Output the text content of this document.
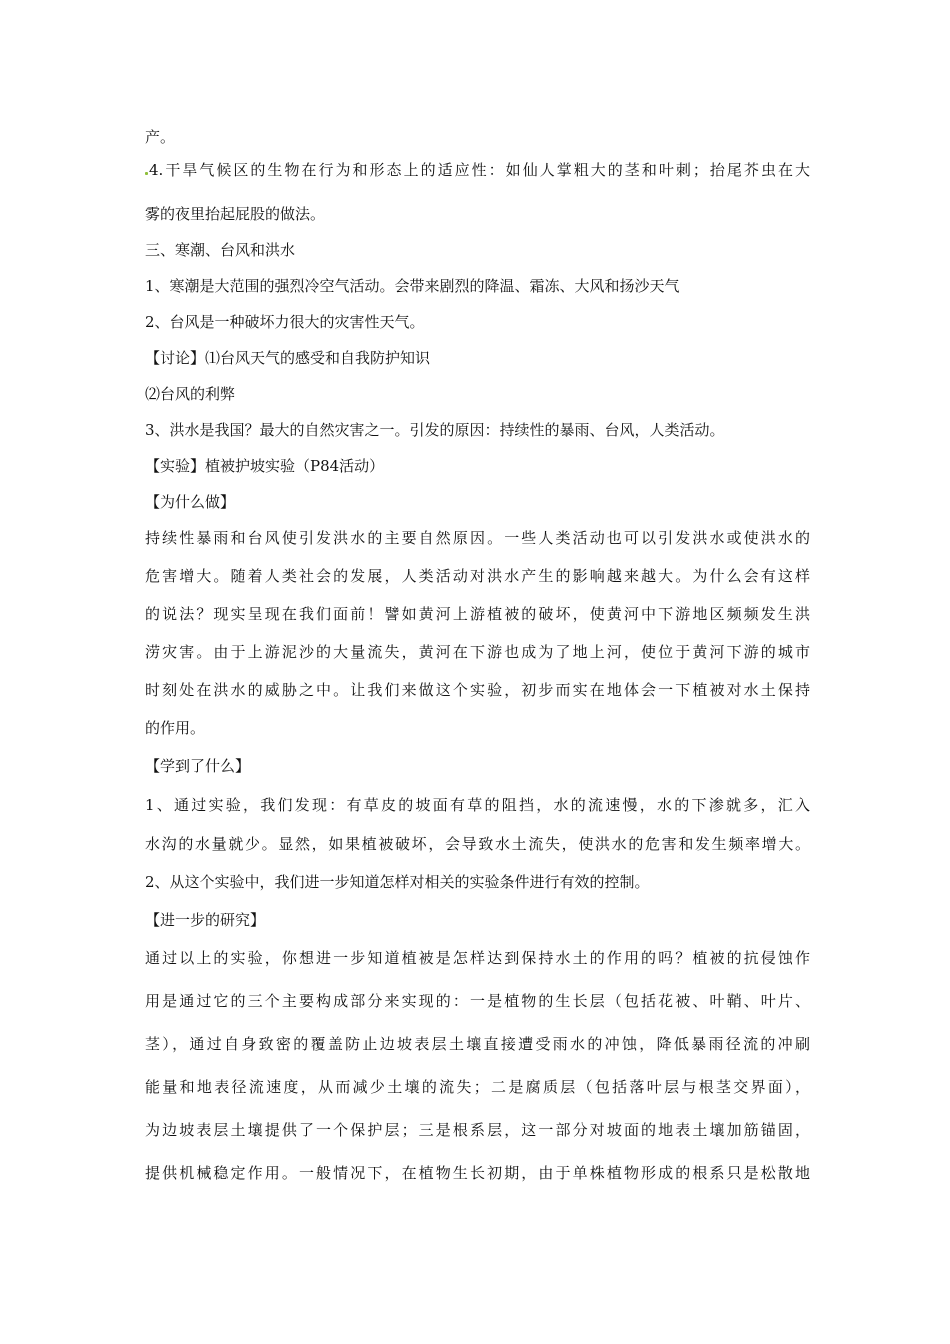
产。
4.干旱气候区的生物在行为和形态上的适应性：如仙人掌粗大的茎和叶刺；抬尾芥虫在大
雾的夜里抬起屁股的做法。
三、寒潮、台风和洪水
1、寒潮是大范围的强烈冷空气活动。会带来剧烈的降温、霜冻、大风和扬沙天气
2、台风是一种破坏力很大的灾害性天气。
【讨论】⑴台风天气的感受和自我防护知识
⑵台风的利弊
3、洪水是我国？最大的自然灾害之一。引发的原因：持续性的暴雨、台风，人类活动。
【实验】植被护坡实验（P84活动）
【为什么做】
持续性暴雨和台风使引发洪水的主要自然原因。一些人类活动也可以引发洪水或使洪水的
危害增大。随着人类社会的发展，人类活动对洪水产生的影响越来越大。为什么会有这样
的说法？现实呈现在我们面前！譬如黄河上游植被的破坏，使黄河中下游地区频频发生洪
涝灾害。由于上游泥沙的大量流失，黄河在下游也成为了地上河，使位于黄河下游的城市
时刻处在洪水的威胁之中。让我们来做这个实验，初步而实在地体会一下植被对水土保持
的作用。
【学到了什么】
1、通过实验，我们发现：有草皮的坡面有草的阻挡，水的流速慢，水的下渗就多，汇入
水沟的水量就少。显然，如果植被破坏，会导致水土流失，使洪水的危害和发生频率增大。
2、从这个实验中，我们进一步知道怎样对相关的实验条件进行有效的控制。
【进一步的研究】
通过以上的实验，你想进一步知道植被是怎样达到保持水土的作用的吗？植被的抗侵蚀作
用是通过它的三个主要构成部分来实现的：一是植物的生长层（包括花被、叶鞘、叶片、
茎），通过自身致密的覆盖防止边坡表层土壤直接遭受雨水的冲蚀，降低暴雨径流的冲刷
能量和地表径流速度，从而减少土壤的流失；二是腐质层（包括落叶层与根茎交界面），
为边坡表层土壤提供了一个保护层；三是根系层，这一部分对坡面的地表土壤加筋锚固，
提供机械稳定作用。一般情况下，在植物生长初期，由于单株植物形成的根系只是松散地
